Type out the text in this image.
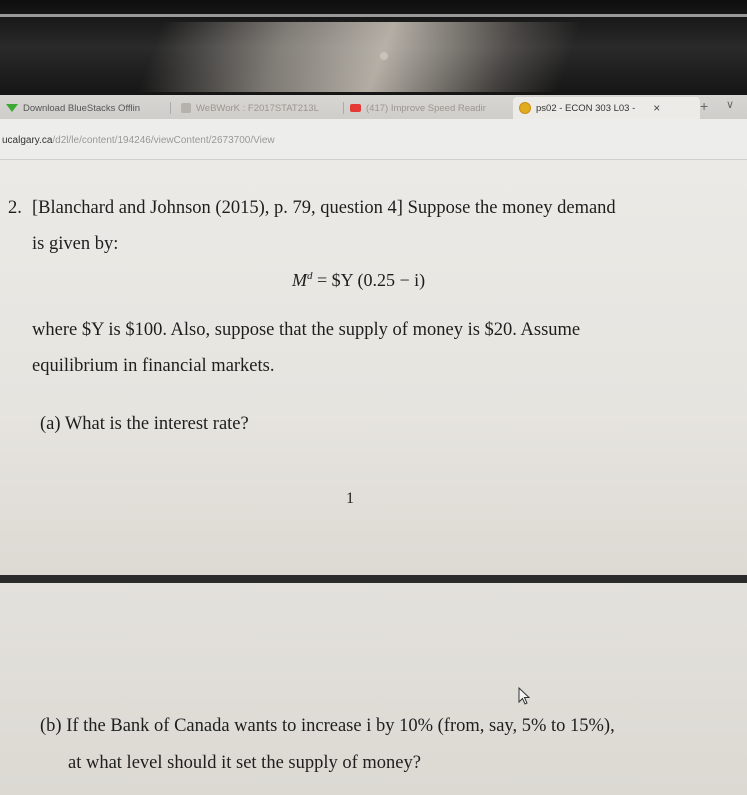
Download BlueStacks Offlin	WeBWorK : F2017STAT213L	(417) Improve Speed Readir	ps02 - ECON 303 L03 - ×	+ ∨
ucalgary.ca/d2l/le/content/194246/viewContent/2673700/View
2. [Blanchard and Johnson (2015), p. 79, question 4] Suppose the money demand
is given by:
$M^d$ = $Y (0.25 − i)
where $Y is $100. Also, suppose that the supply of money is $20. Assume
equilibrium in financial markets.
(a) What is the interest rate?
1
(b) If the Bank of Canada wants to increase i by 10% (from, say, 5% to 15%),
at what level should it set the supply of money?
